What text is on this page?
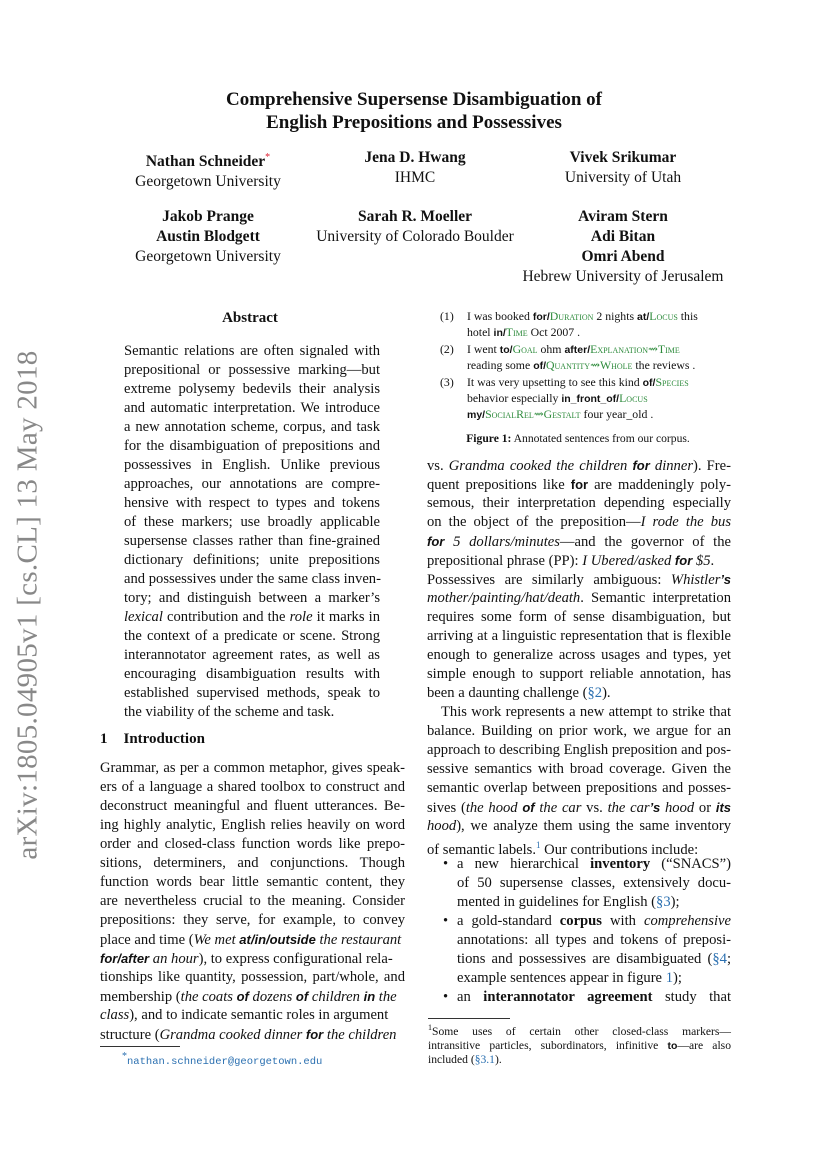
arXiv:1805.04905v1 [cs.CL] 13 May 2018
Comprehensive Supersense Disambiguation of
English Prepositions and Possessives
Nathan Schneider*
Georgetown University
Jena D. Hwang
IHMC
Vivek Srikumar
University of Utah
Jakob Prange
Austin Blodgett
Georgetown University
Sarah R. Moeller
University of Colorado Boulder
Aviram Stern
Adi Bitan
Omri Abend
Hebrew University of Jerusalem
Abstract
Semantic relations are often signaled with
prepositional or possessive marking—but
extreme polysemy bedevils their analysis
and automatic interpretation. We introduce
a new annotation scheme, corpus, and task
for the disambiguation of prepositions and
possessives in English. Unlike previous
approaches, our annotations are compre-
hensive with respect to types and tokens
of these markers; use broadly applicable
supersense classes rather than fine-grained
dictionary definitions; unite prepositions
and possessives under the same class inven-
tory; and distinguish between a marker’s
lexical contribution and the role it marks in
the context of a predicate or scene. Strong
interannotator agreement rates, as well as
encouraging disambiguation results with
established supervised methods, speak to
the viability of the scheme and task.
1 Introduction
Grammar, as per a common metaphor, gives speak-
ers of a language a shared toolbox to construct and
deconstruct meaningful and fluent utterances. Be-
ing highly analytic, English relies heavily on word
order and closed-class function words like prepo-
sitions, determiners, and conjunctions. Though
function words bear little semantic content, they
are nevertheless crucial to the meaning. Consider
prepositions: they serve, for example, to convey
place and time (We met at/in/outside the restaurant
for/after an hour), to express configurational rela-
tionships like quantity, possession, part/whole, and
membership (the coats of dozens of children in the
class), and to indicate semantic roles in argument
structure (Grandma cooked dinner for the children
*nathan.schneider@georgetown.edu
(1) I was booked for/Duration 2 nights at/Locus this
hotel in/Time Oct 2007 .
(2) I went to/Goal ohm after/Explanation⇝Time
reading some of/Quantity⇝Whole the reviews .
(3) It was very upsetting to see this kind of/Species
behavior especially in_front_of/Locus
my/SocialRel⇝Gestalt four year_old .
Figure 1: Annotated sentences from our corpus.
vs. Grandma cooked the children for dinner). Fre-
quent prepositions like for are maddeningly poly-
semous, their interpretation depending especially
on the object of the preposition—I rode the bus
for 5 dollars/minutes—and the governor of the
prepositional phrase (PP): I Ubered/asked for $5.
Possessives are similarly ambiguous: Whistler’s
mother/painting/hat/death. Semantic interpretation
requires some form of sense disambiguation, but
arriving at a linguistic representation that is flexible
enough to generalize across usages and types, yet
simple enough to support reliable annotation, has
been a daunting challenge (§2).
This work represents a new attempt to strike that
balance. Building on prior work, we argue for an
approach to describing English preposition and pos-
sessive semantics with broad coverage. Given the
semantic overlap between prepositions and posses-
sives (the hood of the car vs. the car’s hood or its
hood), we analyze them using the same inventory
of semantic labels.$^1$ Our contributions include:
• a new hierarchical inventory (“SNACS”)
of 50 supersense classes, extensively docu-
mented in guidelines for English (§3);
• a gold-standard corpus with comprehensive
annotations: all types and tokens of preposi-
tions and possessives are disambiguated (§4;
example sentences appear in figure 1);
• an interannotator agreement study that
$^1$Some uses of certain other closed-class markers—
intransitive particles, subordinators, infinitive to—are also
included (§3.1).
